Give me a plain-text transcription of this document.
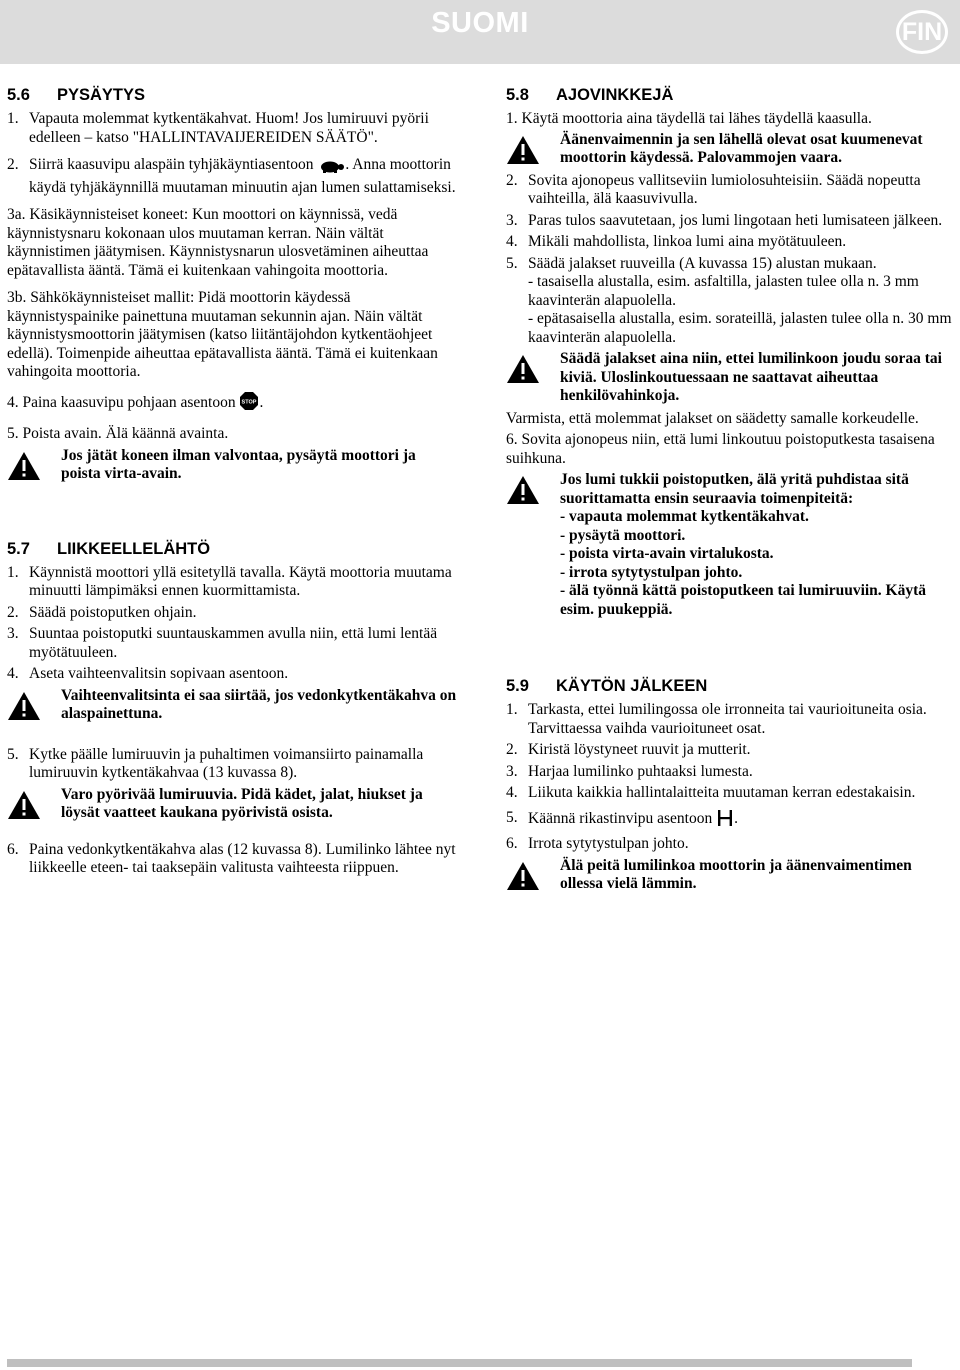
SUOMI	FIN
5.6 PYSÄYTYS
1. Vapauta molemmat kytkentäkahvat. Huom! Jos lumiruuvi pyörii edelleen – katso "HALLINTAVAIJEREIDEN SÄÄTÖ".
2. Siirrä kaasuvipu alaspäin tyhjäkäyntiasentoon . Anna moottorin käydä tyhjäkäynnillä muutaman minuutin ajan lumen sulattamiseksi.
3a. Käsikäynnisteiset koneet: Kun moottori on käynnissä, vedä käynnistysnaru kokonaan ulos muutaman kerran. Näin vältät käynnistimen jäätymisen. Käynnistysnarun ulosvetäminen aiheuttaa epätavallista ääntä. Tämä ei kuitenkaan vahingoita moottoria.
3b. Sähkökäynnisteiset mallit: Pidä moottorin käydessä käynnistyspainike painettuna muutaman sekunnin ajan. Näin vältät käynnistysmoottorin jäätymisen (katso liitäntäjohdon kytkentäohjeet edellä). Toimenpide aiheuttaa epätavallista ääntä. Tämä ei kuitenkaan vahingoita moottoria.
4. Paina kaasuvipu pohjaan asentoon STOP .
5. Poista avain. Älä käännä avainta.
Jos jätät koneen ilman valvontaa, pysäytä moottori ja poista virta-avain.
5.7 LIIKKEELLELÄHTÖ
1. Käynnistä moottori yllä esitetyllä tavalla. Käytä moottoria muutama minuutti lämpimäksi ennen kuormittamista.
2. Säädä poistoputken ohjain.
3. Suuntaa poistoputki suuntauskammen avulla niin, että lumi lentää myötätuuleen.
4. Aseta vaihteenvalitsin sopivaan asentoon.
Vaihteenvalitsinta ei saa siirtää, jos vedonkytkentäkahva on alaspainettuna.
5. Kytke päälle lumiruuvin ja puhaltimen voimansiirto painamalla lumiruuvin kytkentäkahvaa (13 kuvassa 8).
Varo pyörivää lumiruuvia. Pidä kädet, jalat, hiukset ja löysät vaatteet kaukana pyörivistä osista.
6. Paina vedonkytkentäkahva alas (12 kuvassa 8). Lumilinko lähtee nyt liikkeelle eteen- tai taaksepäin valitusta vaihteesta riippuen.
5.8 AJOVINKKEJÄ
1. Käytä moottoria aina täydellä tai lähes täydellä kaasulla.
Äänenvaimennin ja sen lähellä olevat osat kuumenevat moottorin käydessä. Palovammojen vaara.
2. Sovita ajonopeus vallitseviin lumiolosuhteisiin. Säädä nopeutta vaihteilla, älä kaasuvivulla.
3. Paras tulos saavutetaan, jos lumi lingotaan heti lumisateen jälkeen.
4. Mikäli mahdollista, linkoa lumi aina myötätuuleen.
5. Säädä jalakset ruuveilla (A kuvassa 15) alustan mukaan.
- tasaisella alustalla, esim. asfaltilla, jalasten tulee olla n. 3 mm kaavinterän alapuolella.
- epätasaisella alustalla, esim. sorateillä, jalasten tulee olla n. 30 mm kaavinterän alapuolella.
Säädä jalakset aina niin, ettei lumilinkoon joudu soraa tai kiviä. Uloslinkoutuessaan ne saattavat aiheuttaa henkilövahinkoja.
Varmista, että molemmat jalakset on säädetty samalle korkeudelle.
6. Sovita ajonopeus niin, että lumi linkoutuu poistoputkesta tasaisena suihkuna.
Jos lumi tukkii poistoputken, älä yritä puhdistaa sitä suorittamatta ensin seuraavia toimenpiteitä:
- vapauta molemmat kytkentäkahvat.
- pysäytä moottori.
- poista virta-avain virtalukosta.
- irrota sytytystulpan johto.
- älä työnnä kättä poistoputkeen tai lumiruuviin. Käytä esim. puukeppiä.
5.9 KÄYTÖN JÄLKEEN
1. Tarkasta, ettei lumilingossa ole irronneita tai vaurioituneita osia. Tarvittaessa vaihda vaurioituneet osat.
2. Kiristä löystyneet ruuvit ja mutterit.
3. Harjaa lumilinko puhtaaksi lumesta.
4. Liikuta kaikkia hallintalaitteita muutaman kerran edestakaisin.
5. Käännä rikastinvipu asentoon .
6. Irrota sytytystulpan johto.
Älä peitä lumilinkoa moottorin ja äänenvaimentimen ollessa vielä lämmin.
